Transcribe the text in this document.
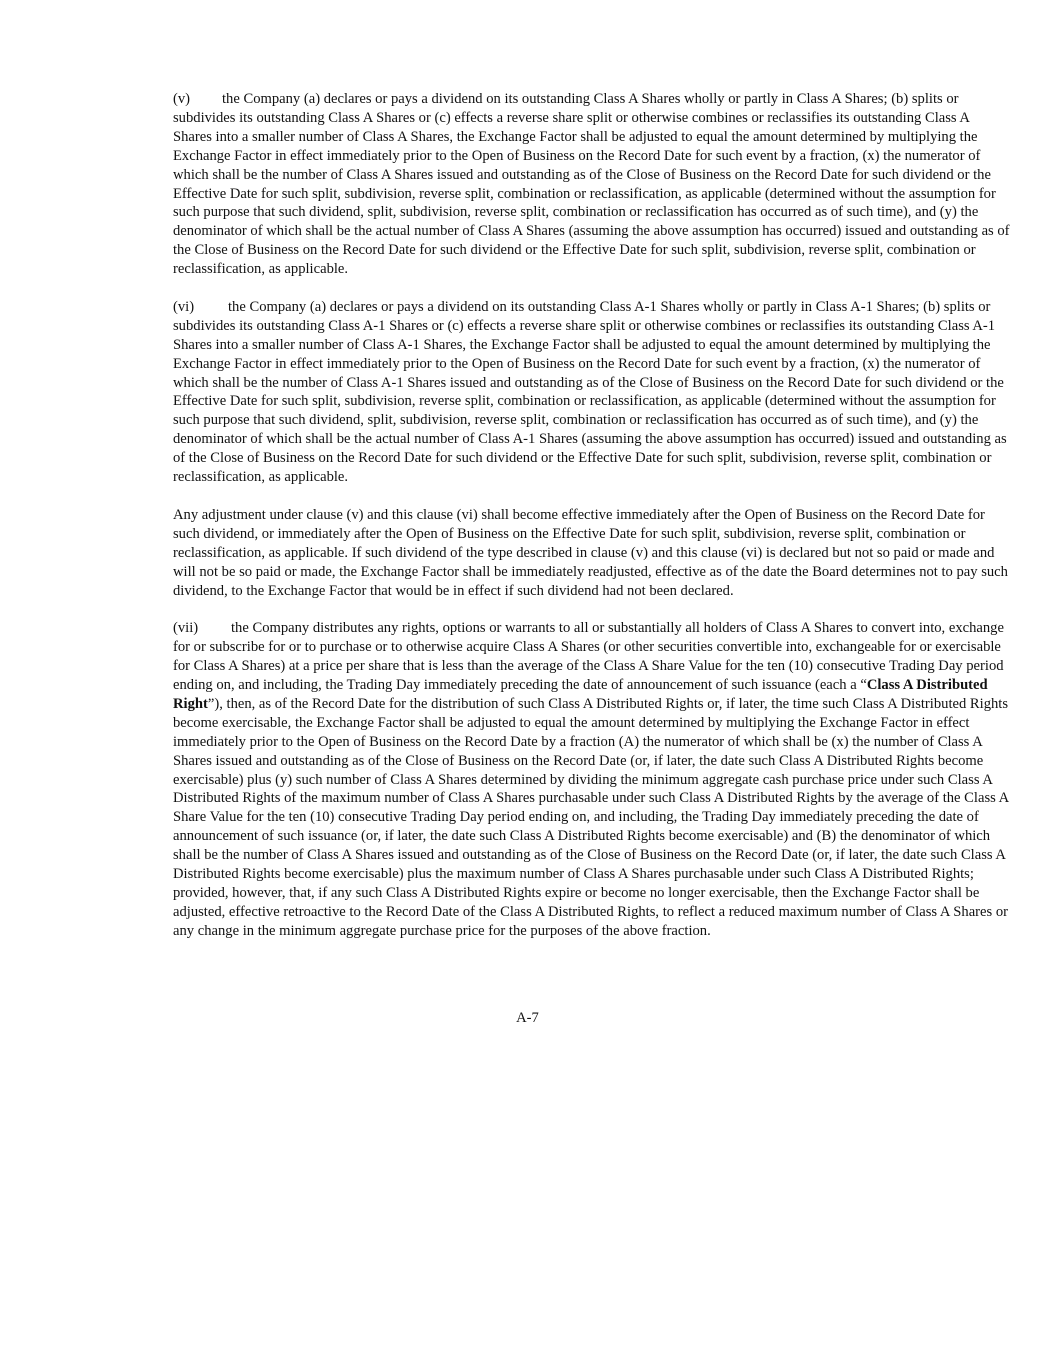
(v) the Company (a) declares or pays a dividend on its outstanding Class A Shares wholly or partly in Class A Shares; (b) splits or subdivides its outstanding Class A Shares or (c) effects a reverse share split or otherwise combines or reclassifies its outstanding Class A Shares into a smaller number of Class A Shares, the Exchange Factor shall be adjusted to equal the amount determined by multiplying the Exchange Factor in effect immediately prior to the Open of Business on the Record Date for such event by a fraction, (x) the numerator of which shall be the number of Class A Shares issued and outstanding as of the Close of Business on the Record Date for such dividend or the Effective Date for such split, subdivision, reverse split, combination or reclassification, as applicable (determined without the assumption for such purpose that such dividend, split, subdivision, reverse split, combination or reclassification has occurred as of such time), and (y) the denominator of which shall be the actual number of Class A Shares (assuming the above assumption has occurred) issued and outstanding as of the Close of Business on the Record Date for such dividend or the Effective Date for such split, subdivision, reverse split, combination or reclassification, as applicable.

(vi) the Company (a) declares or pays a dividend on its outstanding Class A-1 Shares wholly or partly in Class A-1 Shares; (b) splits or subdivides its outstanding Class A-1 Shares or (c) effects a reverse share split or otherwise combines or reclassifies its outstanding Class A-1 Shares into a smaller number of Class A-1 Shares, the Exchange Factor shall be adjusted to equal the amount determined by multiplying the Exchange Factor in effect immediately prior to the Open of Business on the Record Date for such event by a fraction, (x) the numerator of which shall be the number of Class A-1 Shares issued and outstanding as of the Close of Business on the Record Date for such dividend or the Effective Date for such split, subdivision, reverse split, combination or reclassification, as applicable (determined without the assumption for such purpose that such dividend, split, subdivision, reverse split, combination or reclassification has occurred as of such time), and (y) the denominator of which shall be the actual number of Class A-1 Shares (assuming the above assumption has occurred) issued and outstanding as of the Close of Business on the Record Date for such dividend or the Effective Date for such split, subdivision, reverse split, combination or reclassification, as applicable.

Any adjustment under clause (v) and this clause (vi) shall become effective immediately after the Open of Business on the Record Date for such dividend, or immediately after the Open of Business on the Effective Date for such split, subdivision, reverse split, combination or reclassification, as applicable. If such dividend of the type described in clause (v) and this clause (vi) is declared but not so paid or made and will not be so paid or made, the Exchange Factor shall be immediately readjusted, effective as of the date the Board determines not to pay such dividend, to the Exchange Factor that would be in effect if such dividend had not been declared.

(vii) the Company distributes any rights, options or warrants to all or substantially all holders of Class A Shares to convert into, exchange for or subscribe for or to purchase or to otherwise acquire Class A Shares (or other securities convertible into, exchangeable for or exercisable for Class A Shares) at a price per share that is less than the average of the Class A Share Value for the ten (10) consecutive Trading Day period ending on, and including, the Trading Day immediately preceding the date of announcement of such issuance (each a “Class A Distributed Right”), then, as of the Record Date for the distribution of such Class A Distributed Rights or, if later, the time such Class A Distributed Rights become exercisable, the Exchange Factor shall be adjusted to equal the amount determined by multiplying the Exchange Factor in effect immediately prior to the Open of Business on the Record Date by a fraction (A) the numerator of which shall be (x) the number of Class A Shares issued and outstanding as of the Close of Business on the Record Date (or, if later, the date such Class A Distributed Rights become exercisable) plus (y) such number of Class A Shares determined by dividing the minimum aggregate cash purchase price under such Class A Distributed Rights of the maximum number of Class A Shares purchasable under such Class A Distributed Rights by the average of the Class A Share Value for the ten (10) consecutive Trading Day period ending on, and including, the Trading Day immediately preceding the date of announcement of such issuance (or, if later, the date such Class A Distributed Rights become exercisable) and (B) the denominator of which shall be the number of Class A Shares issued and outstanding as of the Close of Business on the Record Date (or, if later, the date such Class A Distributed Rights become exercisable) plus the maximum number of Class A Shares purchasable under such Class A Distributed Rights; provided, however, that, if any such Class A Distributed Rights expire or become no longer exercisable, then the Exchange Factor shall be adjusted, effective retroactive to the Record Date of the Class A Distributed Rights, to reflect a reduced maximum number of Class A Shares or any change in the minimum aggregate purchase price for the purposes of the above fraction.

A-7
